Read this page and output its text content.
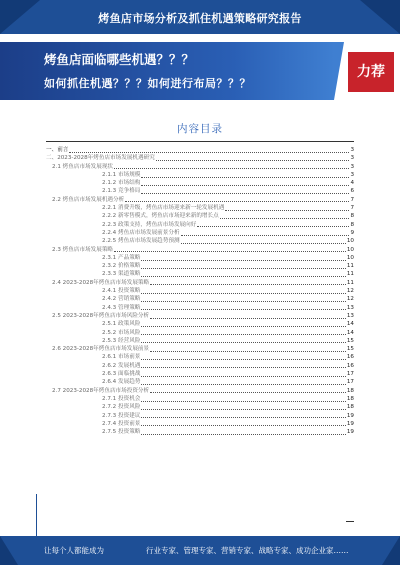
烤鱼店市场分析及抓住机遇策略研究报告
烤鱼店面临哪些机遇？？？
如何抓住机遇？？？如何进行布局？？？
力荐
内容目录
一、前言	3
二、2023-2028年烤鱼店市场发展机遇研究	3
2.1 烤鱼店市场发展现状	3
2.1.1 市场规模	3
2.1.2 市场结构	4
2.1.3 竞争格局	6
2.2 烤鱼店市场发展机遇分析	7
2.2.1 消费升级，烤鱼店市场迎来新一轮发展机遇	7
2.2.2 新零售模式，烤鱼店市场迎来新的增长点	8
2.2.3 政策支持，烤鱼店市场发展向好	8
2.2.4 烤鱼店市场发展前景分析	9
2.2.5 烤鱼店市场发展趋势预测	10
2.3 烤鱼店市场发展策略	10
2.3.1 产品策略	10
2.3.2 价格策略	11
2.3.3 渠道策略	11
2.4 2023-2028年烤鱼店市场发展策略	11
2.4.1 投资策略	12
2.4.2 营销策略	12
2.4.3 管理策略	13
2.5 2023-2028年烤鱼店市场风险分析	13
2.5.1 政策风险	14
2.5.2 市场风险	14
2.5.3 经营风险	15
2.6 2023-2028年烤鱼店市场发展前景	15
2.6.1 市场前景	16
2.6.2 发展机遇	16
2.6.3 面临挑战	17
2.6.4 发展趋势	17
2.7 2023-2028年烤鱼店市场投资分析	18
2.7.1 投资机会	18
2.7.2 投资风险	18
2.7.3 投资建议	19
2.7.4 投资前景	19
2.7.5 投资策略	19
让每个人都能成为	行业专家、管理专家、营销专家、战略专家、成功企业家……
